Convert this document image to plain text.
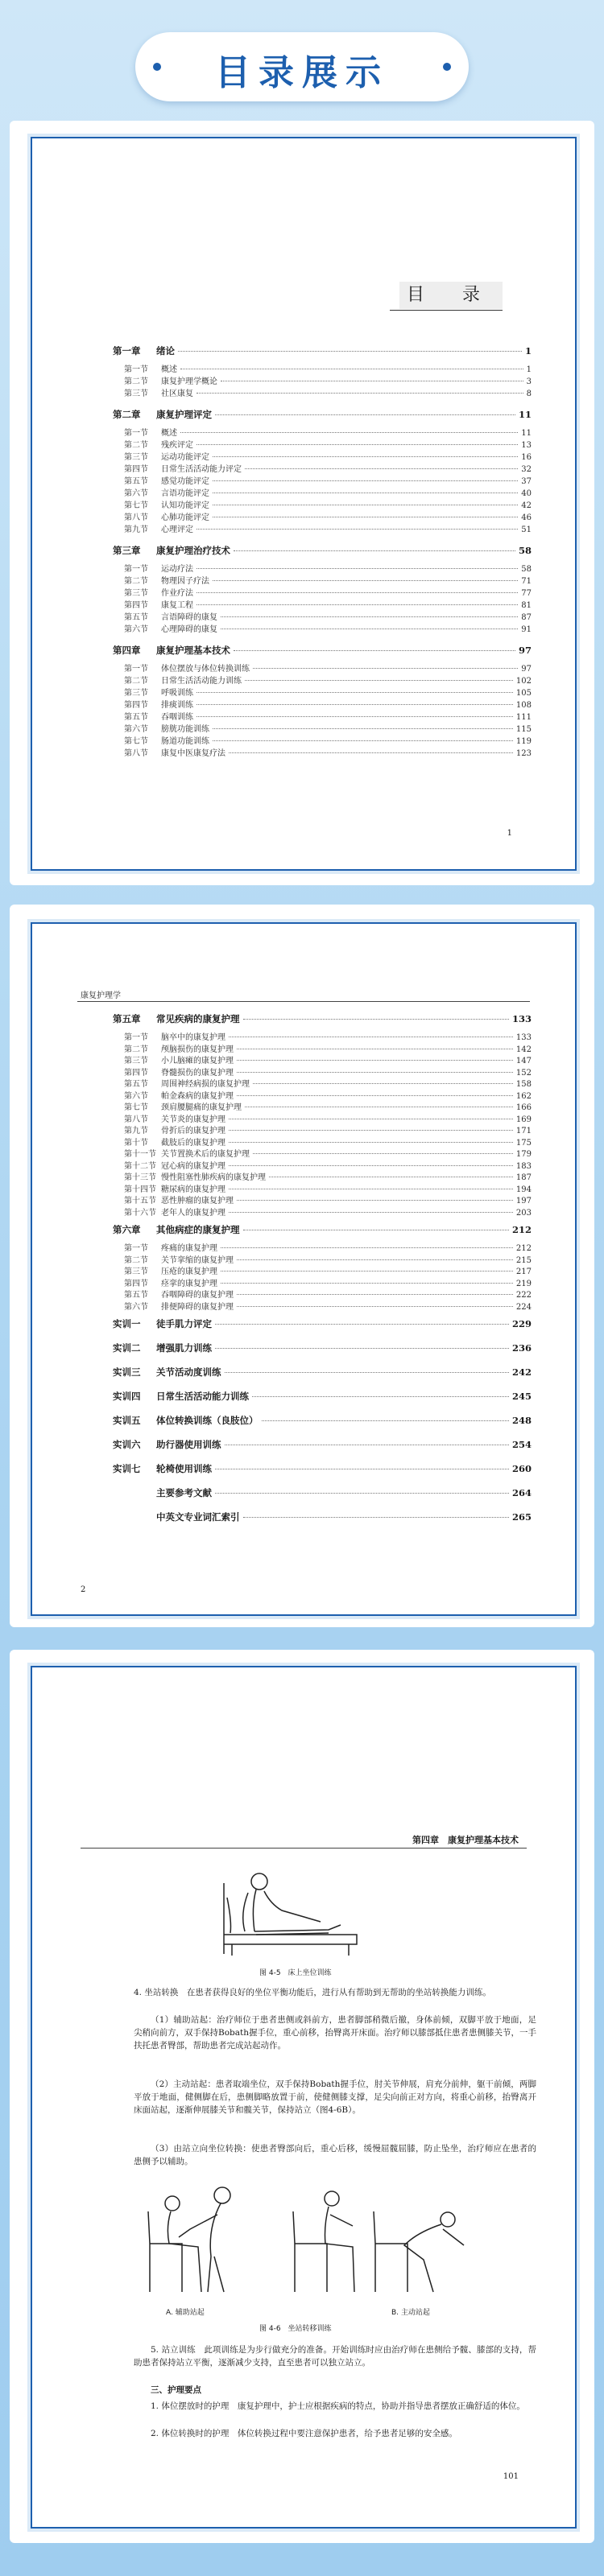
目录展示
目 录
第一章	绪论	1
第一节	概述	1
第二节	康复护理学概论	3
第三节	社区康复	8
第二章	康复护理评定	11
第一节	概述	11
第二节	残疾评定	13
第三节	运动功能评定	16
第四节	日常生活活动能力评定	32
第五节	感觉功能评定	37
第六节	言语功能评定	40
第七节	认知功能评定	42
第八节	心肺功能评定	46
第九节	心理评定	51
第三章	康复护理治疗技术	58
第一节	运动疗法	58
第二节	物理因子疗法	71
第三节	作业疗法	77
第四节	康复工程	81
第五节	言语障碍的康复	87
第六节	心理障碍的康复	91
第四章	康复护理基本技术	97
第一节	体位摆放与体位转换训练	97
第二节	日常生活活动能力训练	102
第三节	呼吸训练	105
第四节	排痰训练	108
第五节	吞咽训练	111
第六节	膀胱功能训练	115
第七节	肠道功能训练	119
第八节	康复中医康复疗法	123
1
康复护理学
第五章	常见疾病的康复护理	133
第一节	脑卒中的康复护理	133
第二节	颅脑损伤的康复护理	142
第三节	小儿脑瘫的康复护理	147
第四节	脊髓损伤的康复护理	152
第五节	周围神经病损的康复护理	158
第六节	帕金森病的康复护理	162
第七节	颈肩腰腿痛的康复护理	166
第八节	关节炎的康复护理	169
第九节	骨折后的康复护理	171
第十节	截肢后的康复护理	175
第十一节 关节置换术后的康复护理	179
第十二节 冠心病的康复护理	183
第十三节 慢性阻塞性肺疾病的康复护理	187
第十四节 糖尿病的康复护理	194
第十五节 恶性肿瘤的康复护理	197
第十六节 老年人的康复护理	203
第六章	其他病症的康复护理	212
第一节	疼痛的康复护理	212
第二节	关节挛缩的康复护理	215
第三节	压疮的康复护理	217
第四节	痉挛的康复护理	219
第五节	吞咽障碍的康复护理	222
第六节	排便障碍的康复护理	224
实训一	徒手肌力评定	229
实训二	增强肌力训练	236
实训三	关节活动度训练	242
实训四	日常生活活动能力训练	245
实训五	体位转换训练（良肢位）	248
实训六	助行器使用训练	254
实训七	轮椅使用训练	260
主要参考文献	264
中英文专业词汇索引	265
2
第四章　康复护理基本技术
图 4-5　床上坐位训练
4. 坐站转换　在患者获得良好的坐位平衡功能后，进行从有帮助到无帮助的坐站转换能力训练。
（1）辅助站起：治疗师位于患者患侧或斜前方，患者脚部稍微后撤，身体前倾，双脚平放于地面，足尖稍向前方，双手保持Bobath握手位，重心前移，抬臀离开床面。治疗师以膝部抵住患者患侧膝关节，一手扶托患者臀部，帮助患者完成站起动作。
（2）主动站起：患者取端坐位，双手保持Bobath握手位，肘关节伸展，肩充分前伸，躯干前倾，两脚平放于地面，健侧脚在后，患侧脚略放置于前，使健侧膝支撑，足尖向前正对方向，将重心前移，抬臀离开床面站起，逐渐伸展膝关节和髋关节，保持站立（图4-6B）。
（3）由站立向坐位转换：使患者臀部向后，重心后移，缓慢屈髋屈膝，防止坠坐，治疗师应在患者的患侧予以辅助。
A. 辅助站起	B. 主动站起
图 4-6　坐站转移训练
5. 站立训练　此项训练是为步行做充分的准备。开始训练时应由治疗师在患侧给予髋、膝部的支持，帮助患者保持站立平衡，逐渐减少支持，直至患者可以独立站立。
三、护理要点
1. 体位摆放时的护理　康复护理中，护士应根据疾病的特点，协助并指导患者摆放正确舒适的体位。
2. 体位转换时的护理　体位转换过程中要注意保护患者，给予患者足够的安全感。
101
